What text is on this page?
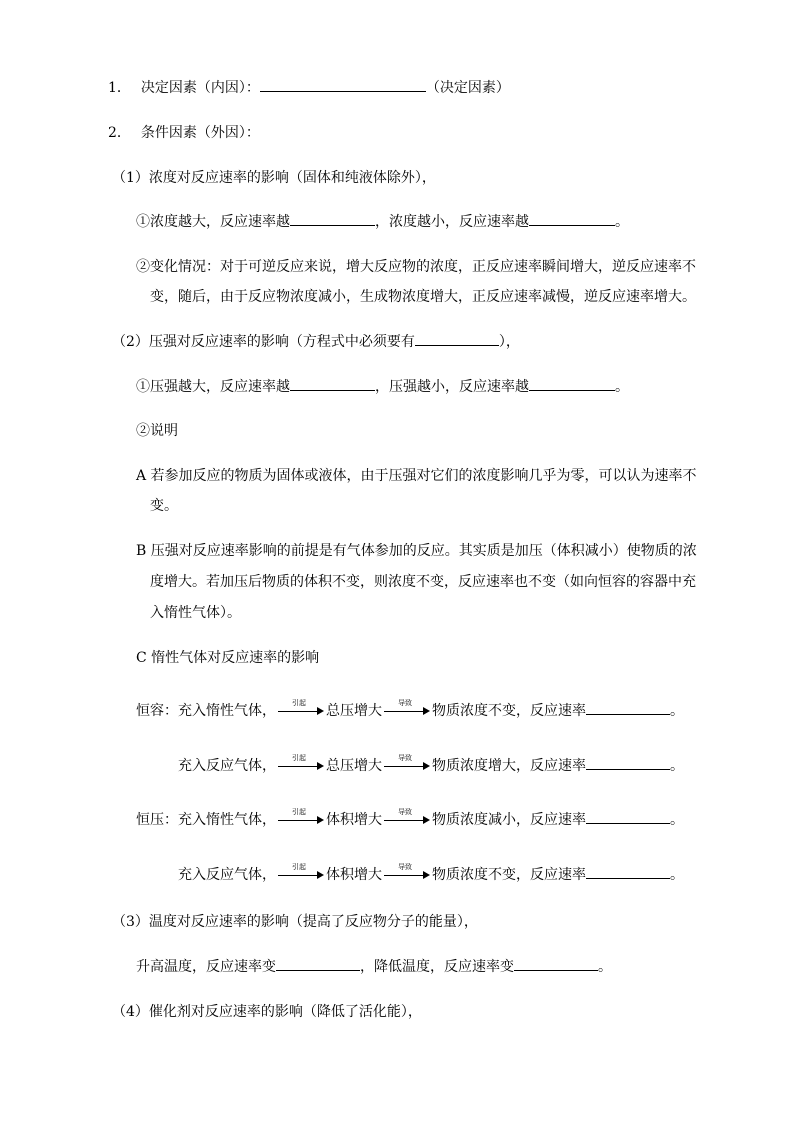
1． 决定因素（内因）：	（决定因素）
2． 条件因素（外因）：
（1）浓度对反应速率的影响（固体和纯液体除外），
①浓度越大，反应速率越	，浓度越小，反应速率越	。
②变化情况：对于可逆反应来说，增大反应物的浓度，正反应速率瞬间增大，逆反应速率不
变，随后，由于反应物浓度减小，生成物浓度增大，正反应速率减慢，逆反应速率增大。
（2）压强对反应速率的影响（方程式中必须要有	），
①压强越大，反应速率越	，压强越小，反应速率越	。
②说明
A 若参加反应的物质为固体或液体，由于压强对它们的浓度影响几乎为零，可以认为速率不
变。
B 压强对反应速率影响的前提是有气体参加的反应。其实质是加压（体积减小）使物质的浓
度增大。若加压后物质的体积不变，则浓度不变，反应速率也不变（如向恒容的容器中充
入惰性气体）。
C 惰性气体对反应速率的影响
恒容：充入惰性气体，	引起	总压增大	导致	物质浓度不变，反应速率	。
充入反应气体，	引起	总压增大	导致	物质浓度增大，反应速率	。
恒压：充入惰性气体，	引起	体积增大	导致	物质浓度减小，反应速率	。
充入反应气体，	引起	体积增大	导致	物质浓度不变，反应速率	。
（3）温度对反应速率的影响（提高了反应物分子的能量），
升高温度，反应速率变	，降低温度，反应速率变	。
（4）催化剂对反应速率的影响（降低了活化能），
